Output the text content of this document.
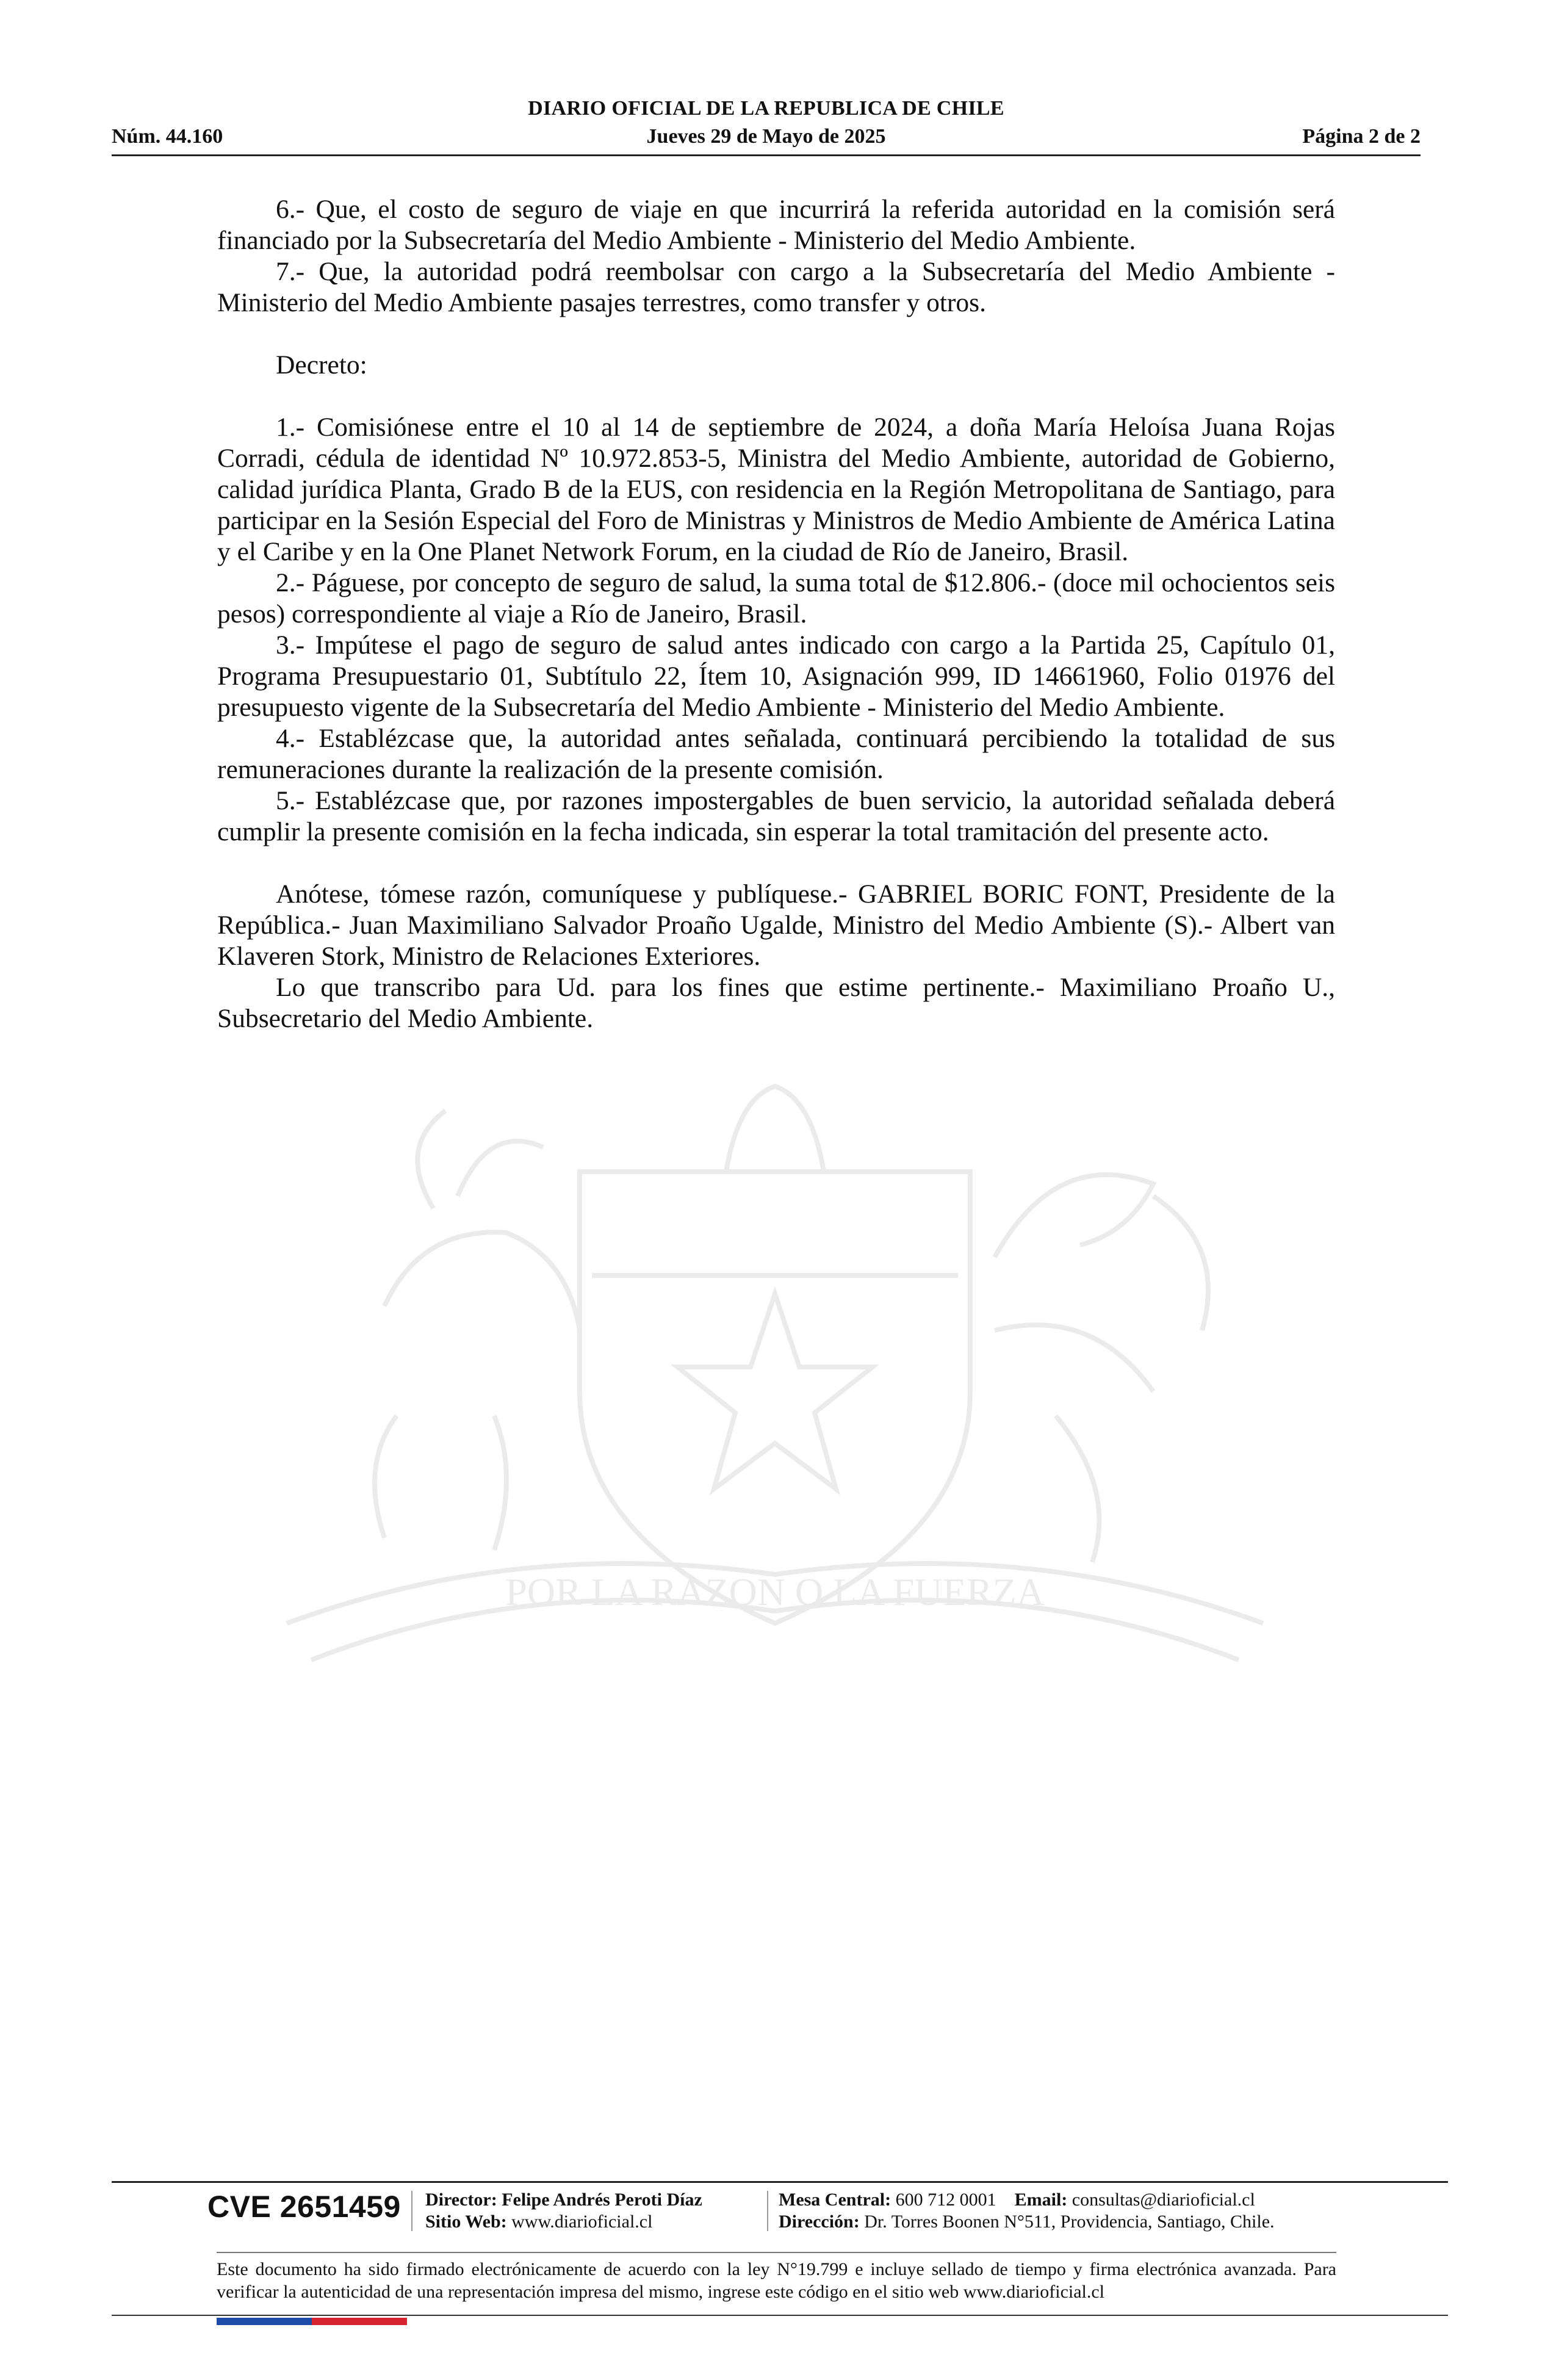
DIARIO OFICIAL DE LA REPUBLICA DE CHILE
Núm. 44.160	Jueves 29 de Mayo de 2025	Página 2 de 2
POR LA RAZON O LA FUERZA

6.- Que, el costo de seguro de viaje en que incurrirá la referida autoridad en la comisión será financiado por la Subsecretaría del Medio Ambiente - Ministerio del Medio Ambiente.

7.- Que, la autoridad podrá reembolsar con cargo a la Subsecretaría del Medio Ambiente - Ministerio del Medio Ambiente pasajes terrestres, como transfer y otros.

Decreto:

1.- Comisiónese entre el 10 al 14 de septiembre de 2024, a doña María Heloísa Juana Rojas Corradi, cédula de identidad Nº 10.972.853-5, Ministra del Medio Ambiente, autoridad de Gobierno, calidad jurídica Planta, Grado B de la EUS, con residencia en la Región Metropolitana de Santiago, para participar en la Sesión Especial del Foro de Ministras y Ministros de Medio Ambiente de América Latina y el Caribe y en la One Planet Network Forum, en la ciudad de Río de Janeiro, Brasil.

2.- Páguese, por concepto de seguro de salud, la suma total de $12.806.- (doce mil ochocientos seis pesos) correspondiente al viaje a Río de Janeiro, Brasil.

3.- Impútese el pago de seguro de salud antes indicado con cargo a la Partida 25, Capítulo 01, Programa Presupuestario 01, Subtítulo 22, Ítem 10, Asignación 999, ID 14661960, Folio 01976 del presupuesto vigente de la Subsecretaría del Medio Ambiente - Ministerio del Medio Ambiente.

4.- Establézcase que, la autoridad antes señalada, continuará percibiendo la totalidad de sus remuneraciones durante la realización de la presente comisión.

5.- Establézcase que, por razones impostergables de buen servicio, la autoridad señalada deberá cumplir la presente comisión en la fecha indicada, sin esperar la total tramitación del presente acto.

Anótese, tómese razón, comuníquese y publíquese.- GABRIEL BORIC FONT, Presidente de la República.- Juan Maximiliano Salvador Proaño Ugalde, Ministro del Medio Ambiente (S).- Albert van Klaveren Stork, Ministro de Relaciones Exteriores.

Lo que transcribo para Ud. para los fines que estime pertinente.- Maximiliano Proaño U., Subsecretario del Medio Ambiente.

CVE 2651459 Director: Felipe Andrés Peroti Díaz
Sitio Web: www.diarioficial.cl
Mesa Central: 600 712 0001 Email: consultas@diarioficial.cl
Dirección: Dr. Torres Boonen N°511, Providencia, Santiago, Chile.
Este documento ha sido firmado electrónicamente de acuerdo con la ley N°19.799 e incluye sellado de tiempo y firma electrónica avanzada. Para verificar la autenticidad de una representación impresa del mismo, ingrese este código en el sitio web www.diarioficial.cl
